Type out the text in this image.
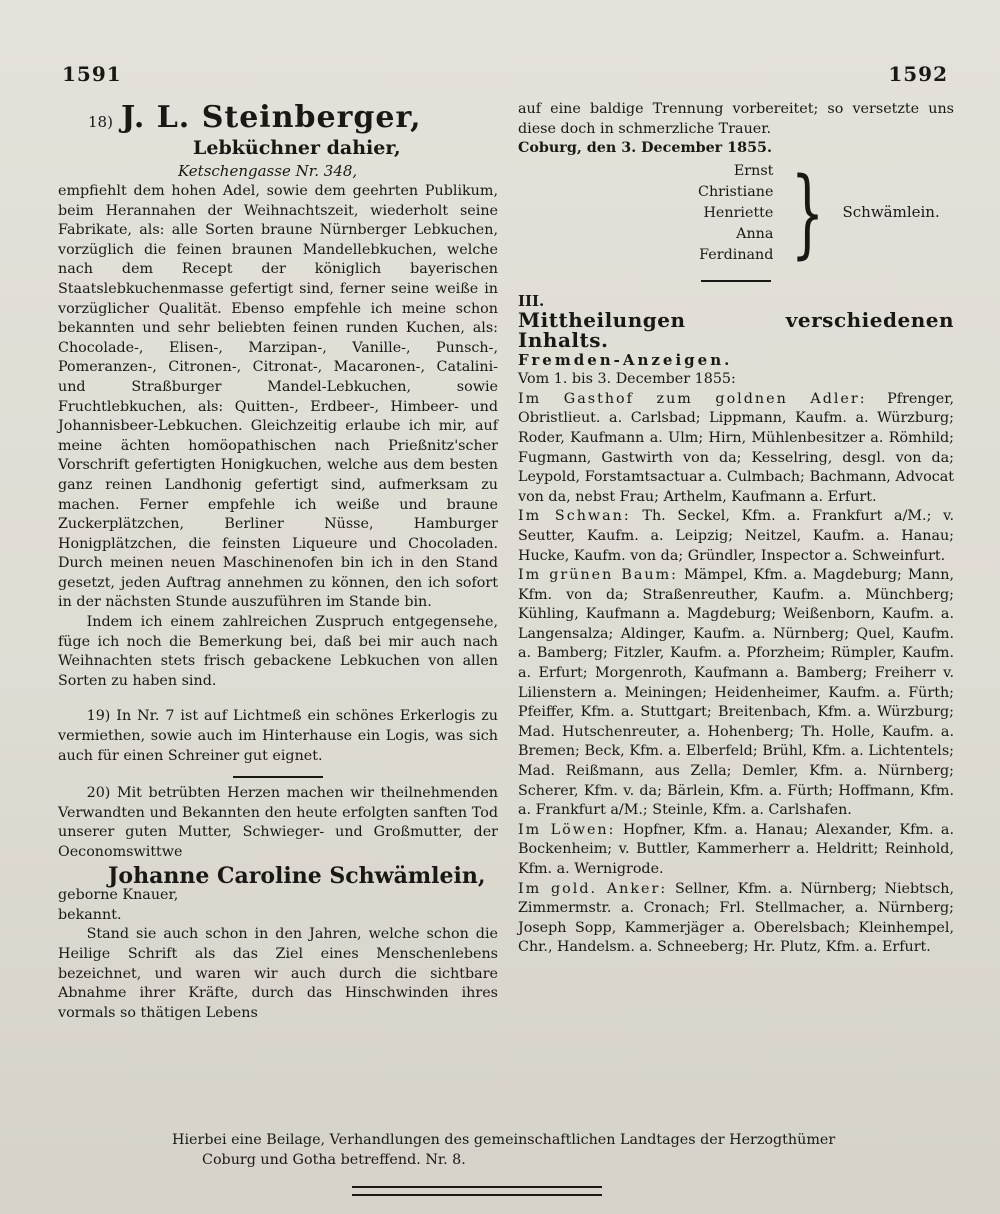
1591	1592
18) J. L. Steinberger,
Lebküchner dahier,
Ketschengasse Nr. 348,

empfiehlt dem hohen Adel, sowie dem geehrten Publikum, beim Herannahen der Weihnachtszeit, wiederholt seine Fabrikate, als: alle Sorten braune Nürnberger Lebkuchen, vorzüglich die feinen braunen Mandellebkuchen, welche nach dem Recept der königlich bayerischen Staatslebkuchenmasse gefertigt sind, ferner seine weiße in vorzüglicher Qualität. Ebenso empfehle ich meine schon bekannten und sehr beliebten feinen runden Kuchen, als: Chocolade-, Elisen-, Marzipan-, Vanille-, Punsch-, Pomeranzen-, Citronen-, Citronat-, Macaronen-, Catalini- und Straßburger Mandel-Lebkuchen, sowie Fruchtlebkuchen, als: Quitten-, Erdbeer-, Himbeer- und Johannisbeer-Lebkuchen. Gleichzeitig erlaube ich mir, auf meine ächten homöopathischen nach Prießnitz'scher Vorschrift gefertigten Honigkuchen, welche aus dem besten ganz reinen Landhonig gefertigt sind, aufmerksam zu machen. Ferner empfehle ich weiße und braune Zuckerplätzchen, Berliner Nüsse, Hamburger Honigplätzchen, die feinsten Liqueure und Chocoladen. Durch meinen neuen Maschinenofen bin ich in den Stand gesetzt, jeden Auftrag annehmen zu können, den ich sofort in der nächsten Stunde auszuführen im Stande bin.

Indem ich einem zahlreichen Zuspruch entgegensehe, füge ich noch die Bemerkung bei, daß bei mir auch nach Weihnachten stets frisch gebackene Lebkuchen von allen Sorten zu haben sind.

19) In Nr. 7 ist auf Lichtmeß ein schönes Erkerlogis zu vermiethen, sowie auch im Hinterhause ein Logis, was sich auch für einen Schreiner gut eignet.

20) Mit betrübten Herzen machen wir theilnehmenden Verwandten und Bekannten den heute erfolgten sanften Tod unserer guten Mutter, Schwieger- und Großmutter, der Oeconomswittwe

Johanne Caroline Schwämlein,

geborne Knauer,

bekannt.

Stand sie auch schon in den Jahren, welche schon die Heilige Schrift als das Ziel eines Menschenlebens bezeichnet, und waren wir auch durch die sichtbare Abnahme ihrer Kräfte, durch das Hinschwinden ihres vormals so thätigen Lebens

auf eine baldige Trennung vorbereitet; so versetzte uns diese doch in schmerzliche Trauer.

Coburg, den 3. December 1855.

Ernst
Christiane
Henriette
Anna
Ferdinand } Schwämlein.

III.

Mittheilungen verschiedenen Inhalts.

Fremden-Anzeigen.

Vom 1. bis 3. December 1855:

Im Gasthof zum goldnen Adler: Pfrenger, Obristlieut. a. Carlsbad; Lippmann, Kaufm. a. Würzburg; Roder, Kaufmann a. Ulm; Hirn, Mühlenbesitzer a. Römhild; Fugmann, Gastwirth von da; Kesselring, desgl. von da; Leypold, Forstamtsactuar a. Culmbach; Bachmann, Advocat von da, nebst Frau; Arthelm, Kaufmann a. Erfurt.

Im Schwan: Th. Seckel, Kfm. a. Frankfurt a/M.; v. Seutter, Kaufm. a. Leipzig; Neitzel, Kaufm. a. Hanau; Hucke, Kaufm. von da; Gründler, Inspector a. Schweinfurt.

Im grünen Baum: Mämpel, Kfm. a. Magdeburg; Mann, Kfm. von da; Straßenreuther, Kaufm. a. Münchberg; Kühling, Kaufmann a. Magdeburg; Weißenborn, Kaufm. a. Langensalza; Aldinger, Kaufm. a. Nürnberg; Quel, Kaufm. a. Bamberg; Fitzler, Kaufm. a. Pforzheim; Rümpler, Kaufm. a. Erfurt; Morgenroth, Kaufmann a. Bamberg; Freiherr v. Lilienstern a. Meiningen; Heidenheimer, Kaufm. a. Fürth; Pfeiffer, Kfm. a. Stuttgart; Breitenbach, Kfm. a. Würzburg; Mad. Hutschenreuter, a. Hohenberg; Th. Holle, Kaufm. a. Bremen; Beck, Kfm. a. Elberfeld; Brühl, Kfm. a. Lichtentels; Mad. Reißmann, aus Zella; Demler, Kfm. a. Nürnberg; Scherer, Kfm. v. da; Bärlein, Kfm. a. Fürth; Hoffmann, Kfm. a. Frankfurt a/M.; Steinle, Kfm. a. Carlshafen.

Im Löwen: Hopfner, Kfm. a. Hanau; Alexander, Kfm. a. Bockenheim; v. Buttler, Kammerherr a. Heldritt; Reinhold, Kfm. a. Wernigrode.

Im gold. Anker: Sellner, Kfm. a. Nürnberg; Niebtsch, Zimmermstr. a. Cronach; Frl. Stellmacher, a. Nürnberg; Joseph Sopp, Kammerjäger a. Oberelsbach; Kleinhempel, Chr., Handelsm. a. Schneeberg; Hr. Plutz, Kfm. a. Erfurt.

Hierbei eine Beilage, Verhandlungen des gemeinschaftlichen Landtages der Herzogthümer
Coburg und Gotha betreffend. Nr. 8.
